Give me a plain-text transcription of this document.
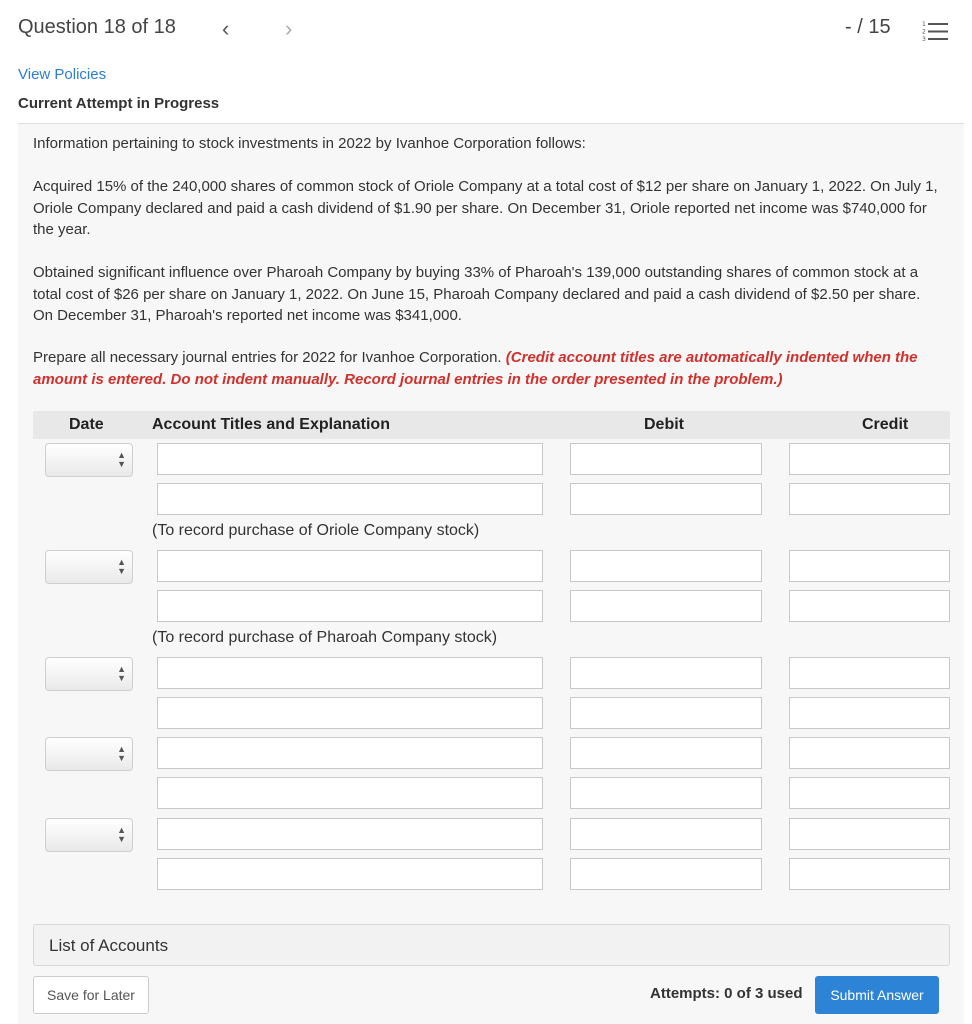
Question 18 of 18 ‹	›	- / 15	1
2
3
View Policies
Current Attempt in Progress
Information pertaining to stock investments in 2022 by Ivanhoe Corporation follows:
Acquired 15% of the 240,000 shares of common stock of Oriole Company at a total cost of $12 per share on January 1, 2022. On July 1, Oriole Company declared and paid a cash dividend of $1.90 per share. On December 31, Oriole reported net income was $740,000 for the year.
Obtained significant influence over Pharoah Company by buying 33% of Pharoah's 139,000 outstanding shares of common stock at a total cost of $26 per share on January 1, 2022. On June 15, Pharoah Company declared and paid a cash dividend of $2.50 per share. On December 31, Pharoah's reported net income was $341,000.
Prepare all necessary journal entries for 2022 for Ivanhoe Corporation. (Credit account titles are automatically indented when the amount is entered. Do not indent manually. Record journal entries in the order presented in the problem.)
Date	Account Titles and Explanation	Debit	Credit
▲
▼
(To record purchase of Oriole Company stock)
▲
▼
(To record purchase of Pharoah Company stock)
▲
▼
▲
▼
▲
▼
List of Accounts
Save for Later	Attempts: 0 of 3 used	Submit Answer
